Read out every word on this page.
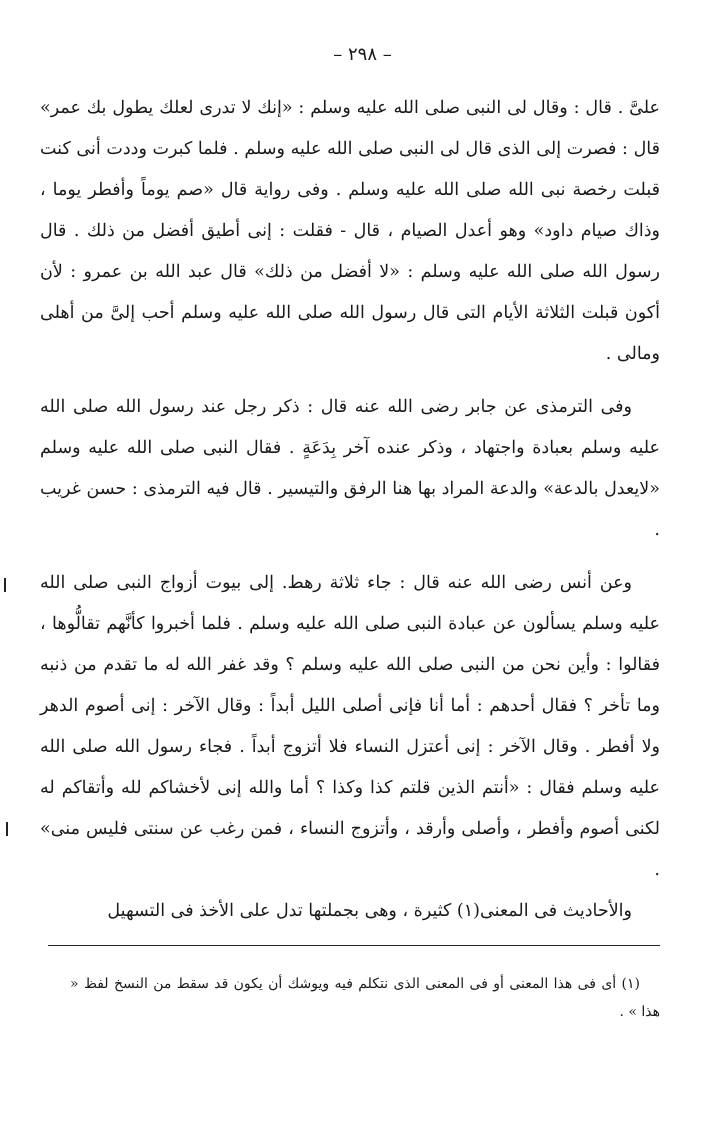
– ٢٩٨ –

علىَّ . قال : وقال لى النبى صلى الله عليه وسلم : «إنك لا تدرى لعلك يطول بك عمر» قال : فصرت إلى الذى قال لى النبى صلى الله عليه وسلم . فلما كبرت وددت أنى كنت قبلت رخصة نبى الله صلى الله عليه وسلم . وفى رواية قال «صم يوماً وأفطر يوما ، وذاك صيام داود» وهو أعدل الصيام ، قال - فقلت : إنى أطيق أفضل من ذلك . قال رسول الله صلى الله عليه وسلم : «لا أفضل من ذلك» قال عبد الله بن عمرو : لأن أكون قبلت الثلاثة الأيام التى قال رسول الله صلى الله عليه وسلم أحب إلىَّ من أهلى ومالى .

وفى الترمذى عن جابر رضى الله عنه قال : ذكر رجل عند رسول الله صلى الله عليه وسلم بعبادة واجتهاد ، وذكر عنده آخر بِدَعَةٍ . فقال النبى صلى الله عليه وسلم «لايعدل بالدعة» والدعة المراد بها هنا الرفق والتيسير . قال فيه الترمذى : حسن غريب .

وعن أنس رضى الله عنه قال : جاء ثلاثة رهط. إلى بيوت أزواج النبى صلى الله عليه وسلم يسألون عن عبادة النبى صلى الله عليه وسلم . فلما أخبروا كأنَّهم تقالُّوها ، فقالوا : وأين نحن من النبى صلى الله عليه وسلم ؟ وقد غفر الله له ما تقدم من ذنبه وما تأخر ؟ فقال أحدهم : أما أنا فإنى أصلى الليل أبداً : وقال الآخر : إنى أصوم الدهر ولا أفطر . وقال الآخر : إنى أعتزل النساء فلا أتزوج أبداً . فجاء رسول الله صلى الله عليه وسلم فقال : «أنتم الذين قلتم كذا وكذا ؟ أما والله إنى لأخشاكم لله وأتقاكم له لكنى أصوم وأفطر ، وأصلى وأرقد ، وأتزوج النساء ، فمن رغب عن سنتى فليس منى» .

والأحاديث فى المعنى(١) كثيرة ، وهى بجملتها تدل على الأخذ فى التسهيل

(١) أى فى هذا المعنى أو فى المعنى الذى نتكلم فيه ويوشك أن يكون قد سقط من النسخ لفظ « هذا » .
